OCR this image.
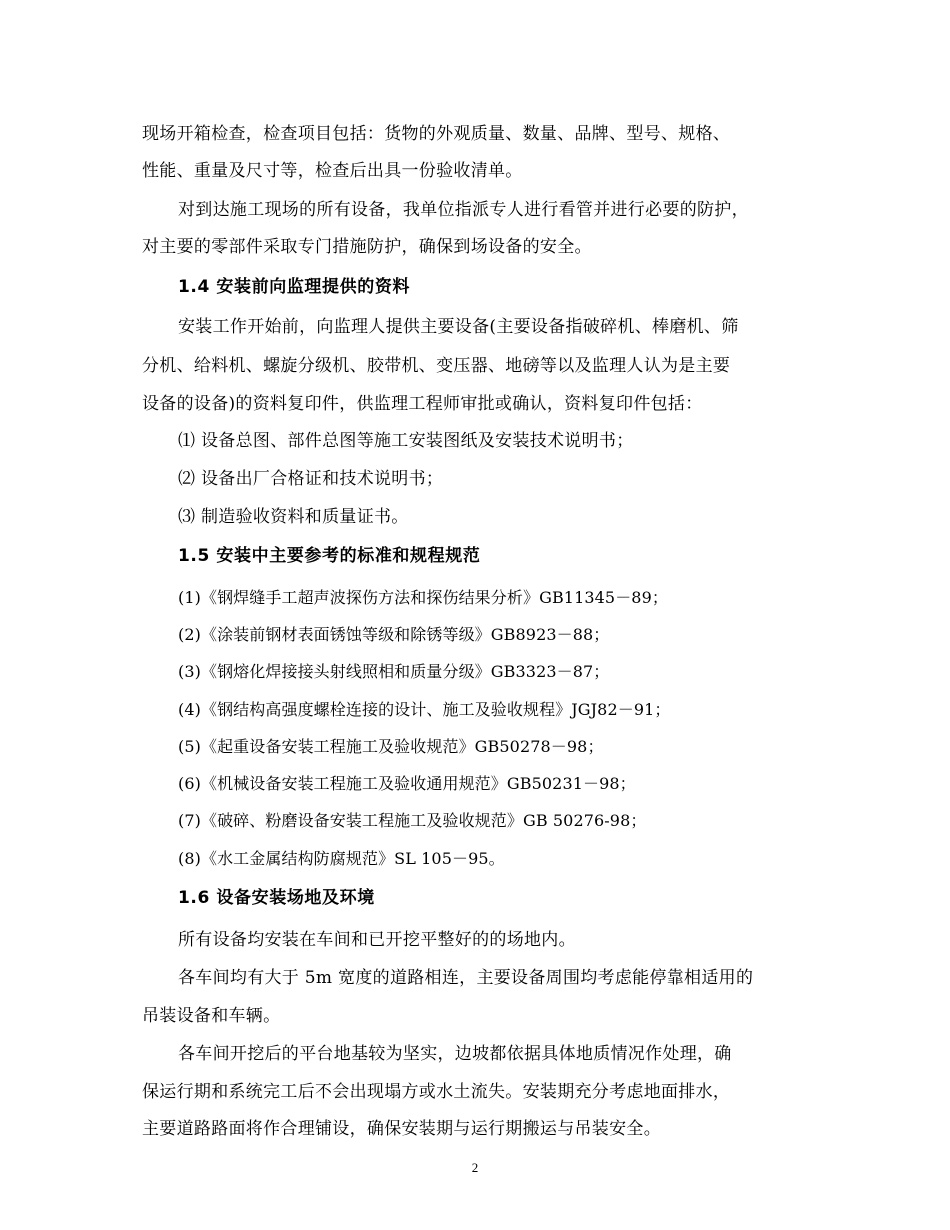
现场开箱检查，检查项目包括：货物的外观质量、数量、品牌、型号、规格、
性能、重量及尺寸等，检查后出具一份验收清单。
对到达施工现场的所有设备，我单位指派专人进行看管并进行必要的防护，
对主要的零部件采取专门措施防护，确保到场设备的安全。
1.4 安装前向监理提供的资料
安装工作开始前，向监理人提供主要设备(主要设备指破碎机、棒磨机、筛
分机、给料机、螺旋分级机、胶带机、变压器、地磅等以及监理人认为是主要
设备的设备)的资料复印件，供监理工程师审批或确认，资料复印件包括：
⑴ 设备总图、部件总图等施工安装图纸及安装技术说明书；
⑵ 设备出厂合格证和技术说明书；
⑶ 制造验收资料和质量证书。
1.5 安装中主要参考的标准和规程规范
(1)《钢焊缝手工超声波探伤方法和探伤结果分析》GB11345－89；
(2)《涂装前钢材表面锈蚀等级和除锈等级》GB8923－88；
(3)《钢熔化焊接接头射线照相和质量分级》GB3323－87；
(4)《钢结构高强度螺栓连接的设计、施工及验收规程》JGJ82－91；
(5)《起重设备安装工程施工及验收规范》GB50278－98；
(6)《机械设备安装工程施工及验收通用规范》GB50231－98；
(7)《破碎、粉磨设备安装工程施工及验收规范》GB 50276-98；
(8)《水工金属结构防腐规范》SL 105－95。
1.6 设备安装场地及环境
所有设备均安装在车间和已开挖平整好的的场地内。
各车间均有大于 5m 宽度的道路相连，主要设备周围均考虑能停靠相适用的
吊装设备和车辆。
各车间开挖后的平台地基较为坚实，边坡都依据具体地质情况作处理，确
保运行期和系统完工后不会出现塌方或水土流失。安装期充分考虑地面排水，
主要道路路面将作合理铺设，确保安装期与运行期搬运与吊装安全。
2
